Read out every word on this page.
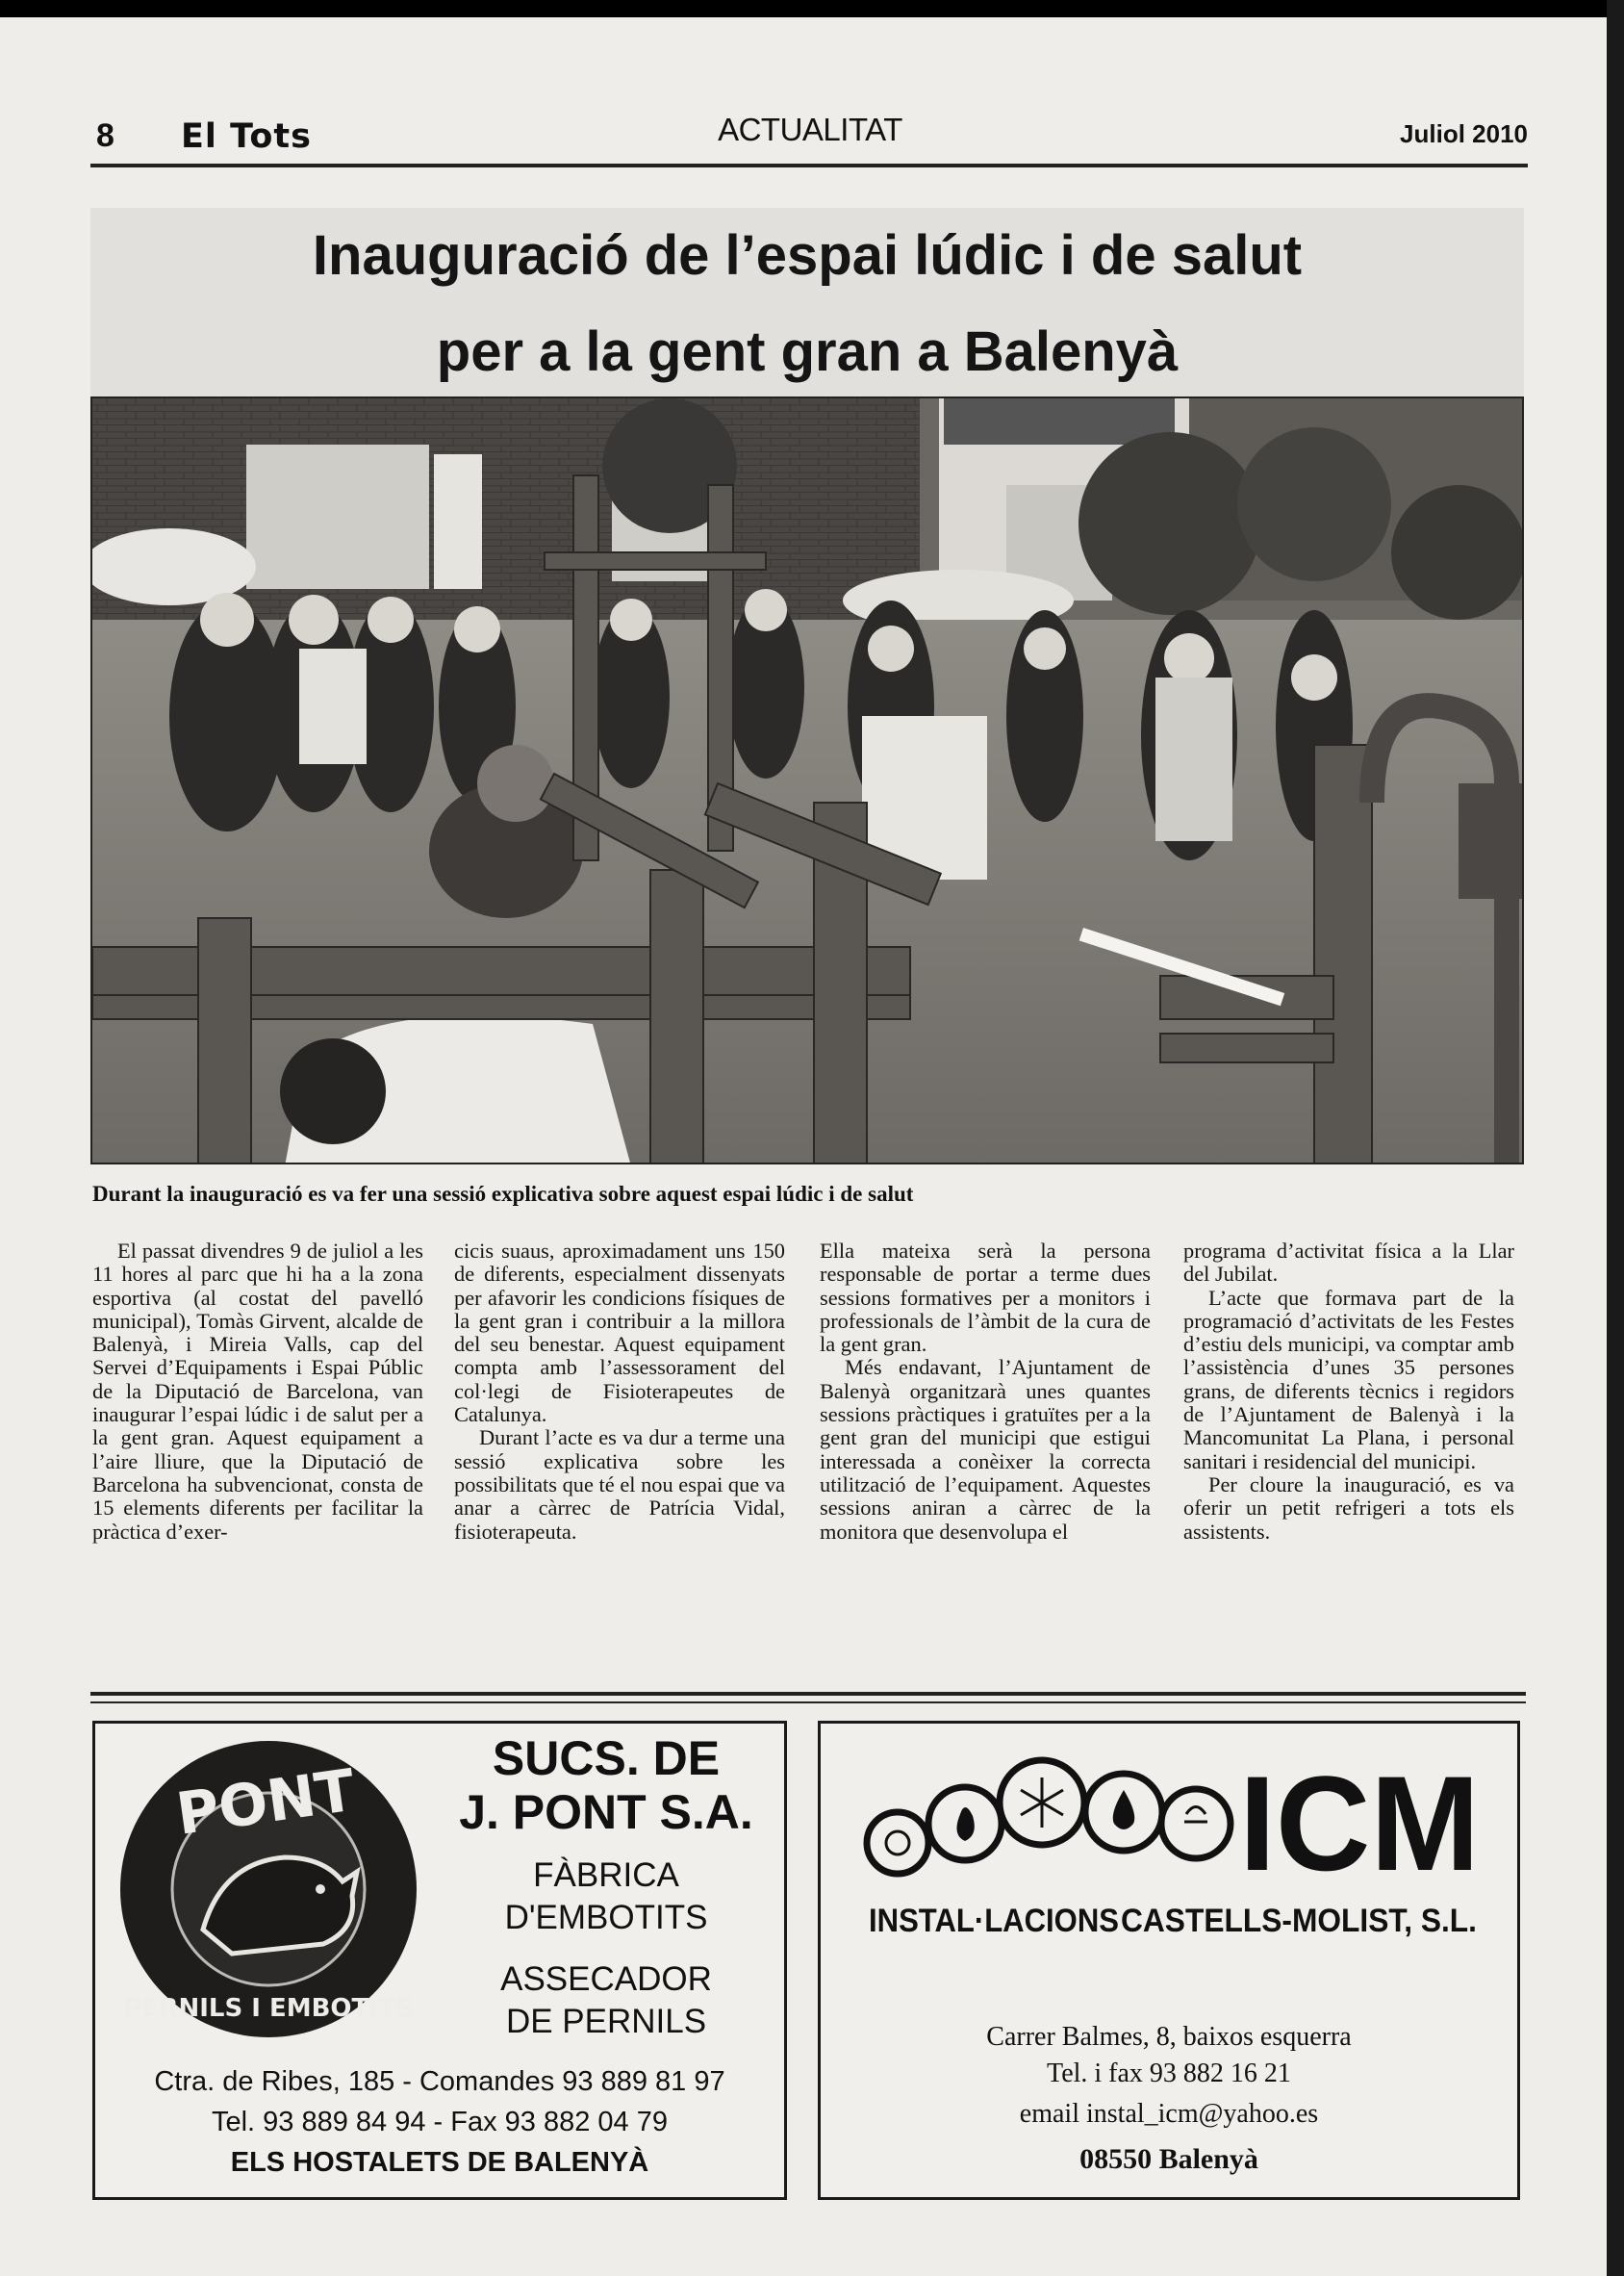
8 El Tots	ACTUALITAT	Juliol 2010
Inauguració de l’espai lúdic i de salut
per a la gent gran a Balenyà
Durant la inauguració es va fer una sessió explicativa sobre aquest espai lúdic i de salut

El passat divendres 9 de juliol a les 11 hores al parc que hi ha a la zona esportiva (al costat del pavelló municipal), Tomàs Girvent, alcalde de Balenyà, i Mireia Valls, cap del Servei d’Equipaments i Espai Públic de la Diputació de Barcelona, van inaugurar l’espai lúdic i de salut per a la gent gran. Aquest equipament a l’aire lliure, que la Diputació de Barcelona ha subvencionat, consta de 15 elements diferents per facilitar la pràctica d’exer-

cicis suaus, aproximadament uns 150 de diferents, especialment dissenyats per afavorir les condicions físiques de la gent gran i contribuir a la millora del seu benestar. Aquest equipament compta amb l’assessorament del col·legi de Fisioterapeutes de Catalunya.

Durant l’acte es va dur a terme una sessió explicativa sobre les possibilitats que té el nou espai que va anar a càrrec de Patrícia Vidal, fisioterapeuta.

Ella mateixa serà la persona responsable de portar a terme dues sessions formatives per a monitors i professionals de l’àmbit de la cura de la gent gran.

Més endavant, l’Ajuntament de Balenyà organitzarà unes quantes sessions pràctiques i gratuïtes per a la gent gran del municipi que estigui interessada a conèixer la correcta utilització de l’equipament. Aquestes sessions aniran a càrrec de la monitora que desenvolupa el

programa d’activitat física a la Llar del Jubilat.

L’acte que formava part de la programació d’activitats de les Festes d’estiu dels municipi, va comptar amb l’assistència d’unes 35 persones grans, de diferents tècnics i regidors de l’Ajuntament de Balenyà i la Mancomunitat La Plana, i personal sanitari i residencial del municipi.

Per cloure la inauguració, es va oferir un petit refrigeri a tots els assistents.

PONT
PERNILS I EMBOTITS
SUCS. DE
J. PONT S.A.
FÀBRICA
D'EMBOTITS
ASSECADOR
DE PERNILS
Ctra. de Ribes, 185 - Comandes 93 889 81 97
Tel. 93 889 84 94 - Fax 93 882 04 79
ELS HOSTALETS DE BALENYÀ
ICM
INSTAL·LACIONS CASTELLS-MOLIST, S.L.
Carrer Balmes, 8, baixos esquerra
Tel. i fax 93 882 16 21
email instal_icm@yahoo.es
08550 Balenyà
